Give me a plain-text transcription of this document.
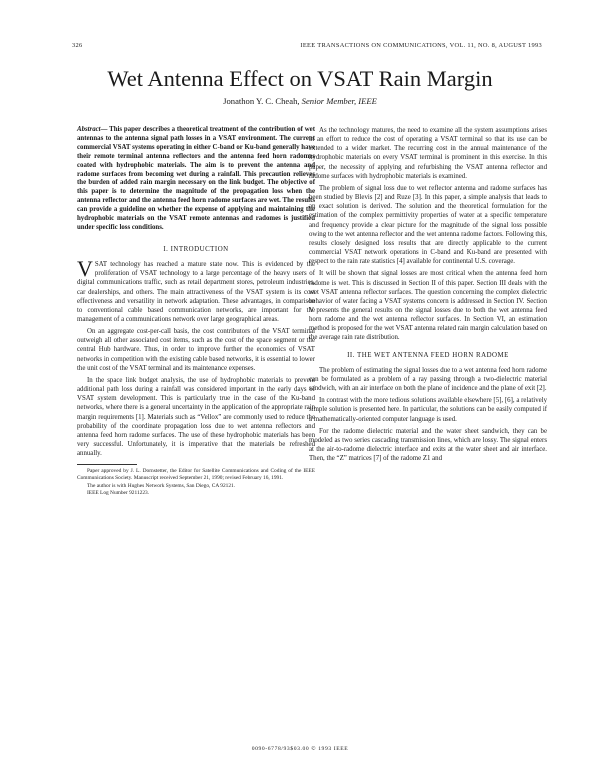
326	IEEE TRANSACTIONS ON COMMUNICATIONS, VOL. 11, NO. 8, AUGUST 1993
Wet Antenna Effect on VSAT Rain Margin
Jonathon Y. C. Cheah, Senior Member, IEEE
Abstract— This paper describes a theoretical treatment of the contribution of wet antennas to the antenna signal path losses in a VSAT environment. The current commercial VSAT systems operating in either C-band or Ku-band generally have their remote terminal antenna reflectors and the antenna feed horn radomes coated with hydrophobic materials. The aim is to prevent the antenna and radome surfaces from becoming wet during a rainfall. This precaution relieves the burden of added rain margin necessary on the link budget. The objective of this paper is to determine the magnitude of the propagation loss when the antenna reflector and the antenna feed horn radome surfaces are wet. The results can provide a guideline on whether the expense of applying and maintaining the hydrophobic materials on the VSAT remote antennas and radomes is justified under specific loss conditions.
I. INTRODUCTION

VSAT technology has reached a mature state now. This is evidenced by the proliferation of VSAT technology to a large percentage of the heavy users of digital communications traffic, such as retail department stores, petroleum industries, car dealerships, and others. The main attractiveness of the VSAT system is its cost effectiveness and versatility in network adaptation. These advantages, in comparison to conventional cable based communication networks, are important for the management of a communications network over large geographical areas.

On an aggregate cost-per-call basis, the cost contributors of the VSAT terminal outweigh all other associated cost items, such as the cost of the space segment or the central Hub hardware. Thus, in order to improve further the economics of VSAT networks in competition with the existing cable based networks, it is essential to lower the unit cost of the VSAT terminal and its maintenance expenses.

In the space link budget analysis, the use of hydrophobic materials to prevent additional path loss during a rainfall was considered important in the early days of VSAT system development. This is particularly true in the case of the Ku-band networks, where there is a general uncertainty in the application of the appropriate rain margin requirements [1]. Materials such as “Vellox” are commonly used to reduce the probability of the coordinate propagation loss due to wet antenna reflectors and antenna feed horn radome surfaces. The use of these hydrophobic materials has been very successful. Unfortunately, it is imperative that the materials be refreshed annually.

Paper approved by J. L. Dornstetter, the Editor for Satellite Communications and Coding of the IEEE Communications Society. Manuscript received September 21, 1990; revised February 16, 1991.
The author is with Hughes Network Systems, San Diego, CA 92121.
IEEE Log Number 9211223.

As the technology matures, the need to examine all the system assumptions arises in an effort to reduce the cost of operating a VSAT terminal so that its use can be extended to a wider market. The recurring cost in the annual maintenance of the hydrophobic materials on every VSAT terminal is prominent in this exercise. In this paper, the necessity of applying and refurbishing the VSAT antenna reflector and radome surfaces with hydrophobic materials is examined.

The problem of signal loss due to wet reflector antenna and radome surfaces has been studied by Blevis [2] and Ruze [3]. In this paper, a simple analysis that leads to an exact solution is derived. The solution and the theoretical formulation for the estimation of the complex permittivity properties of water at a specific temperature and frequency provide a clear picture for the magnitude of the signal loss possible owing to the wet antenna reflector and the wet antenna radome factors. Following this, results closely designed loss results that are directly applicable to the current commercial VSAT network operations in C-band and Ku-band are presented with respect to the rain rate statistics [4] available for continental U.S. coverage.

It will be shown that signal losses are most critical when the antenna feed horn radome is wet. This is discussed in Section II of this paper. Section III deals with the wet VSAT antenna reflector surfaces. The question concerning the complex dielectric behavior of water facing a VSAT systems concern is addressed in Section IV. Section V presents the general results on the signal losses due to both the wet antenna feed horn radome and the wet antenna reflector surfaces. In Section VI, an estimation method is proposed for the wet VSAT antenna related rain margin calculation based on the average rain rate distribution.

II. THE WET ANTENNA FEED HORN RADOME

The problem of estimating the signal losses due to a wet antenna feed horn radome can be formulated as a problem of a ray passing through a two-dielectric material sandwich, with an air interface on both the plane of incidence and the plane of exit [2].

In contrast with the more tedious solutions available elsewhere [5], [6], a relatively simple solution is presented here. In particular, the solutions can be easily computed if a mathematically-oriented computer language is used.

For the radome dielectric material and the water sheet sandwich, they can be modeled as two series cascading transmission lines, which are lossy. The signal enters at the air-to-radome dielectric interface and exits at the water sheet and air interface. Then, the “Z” matrices [7] of the radome Z1 and

0090-6778/93$03.00 © 1993 IEEE
